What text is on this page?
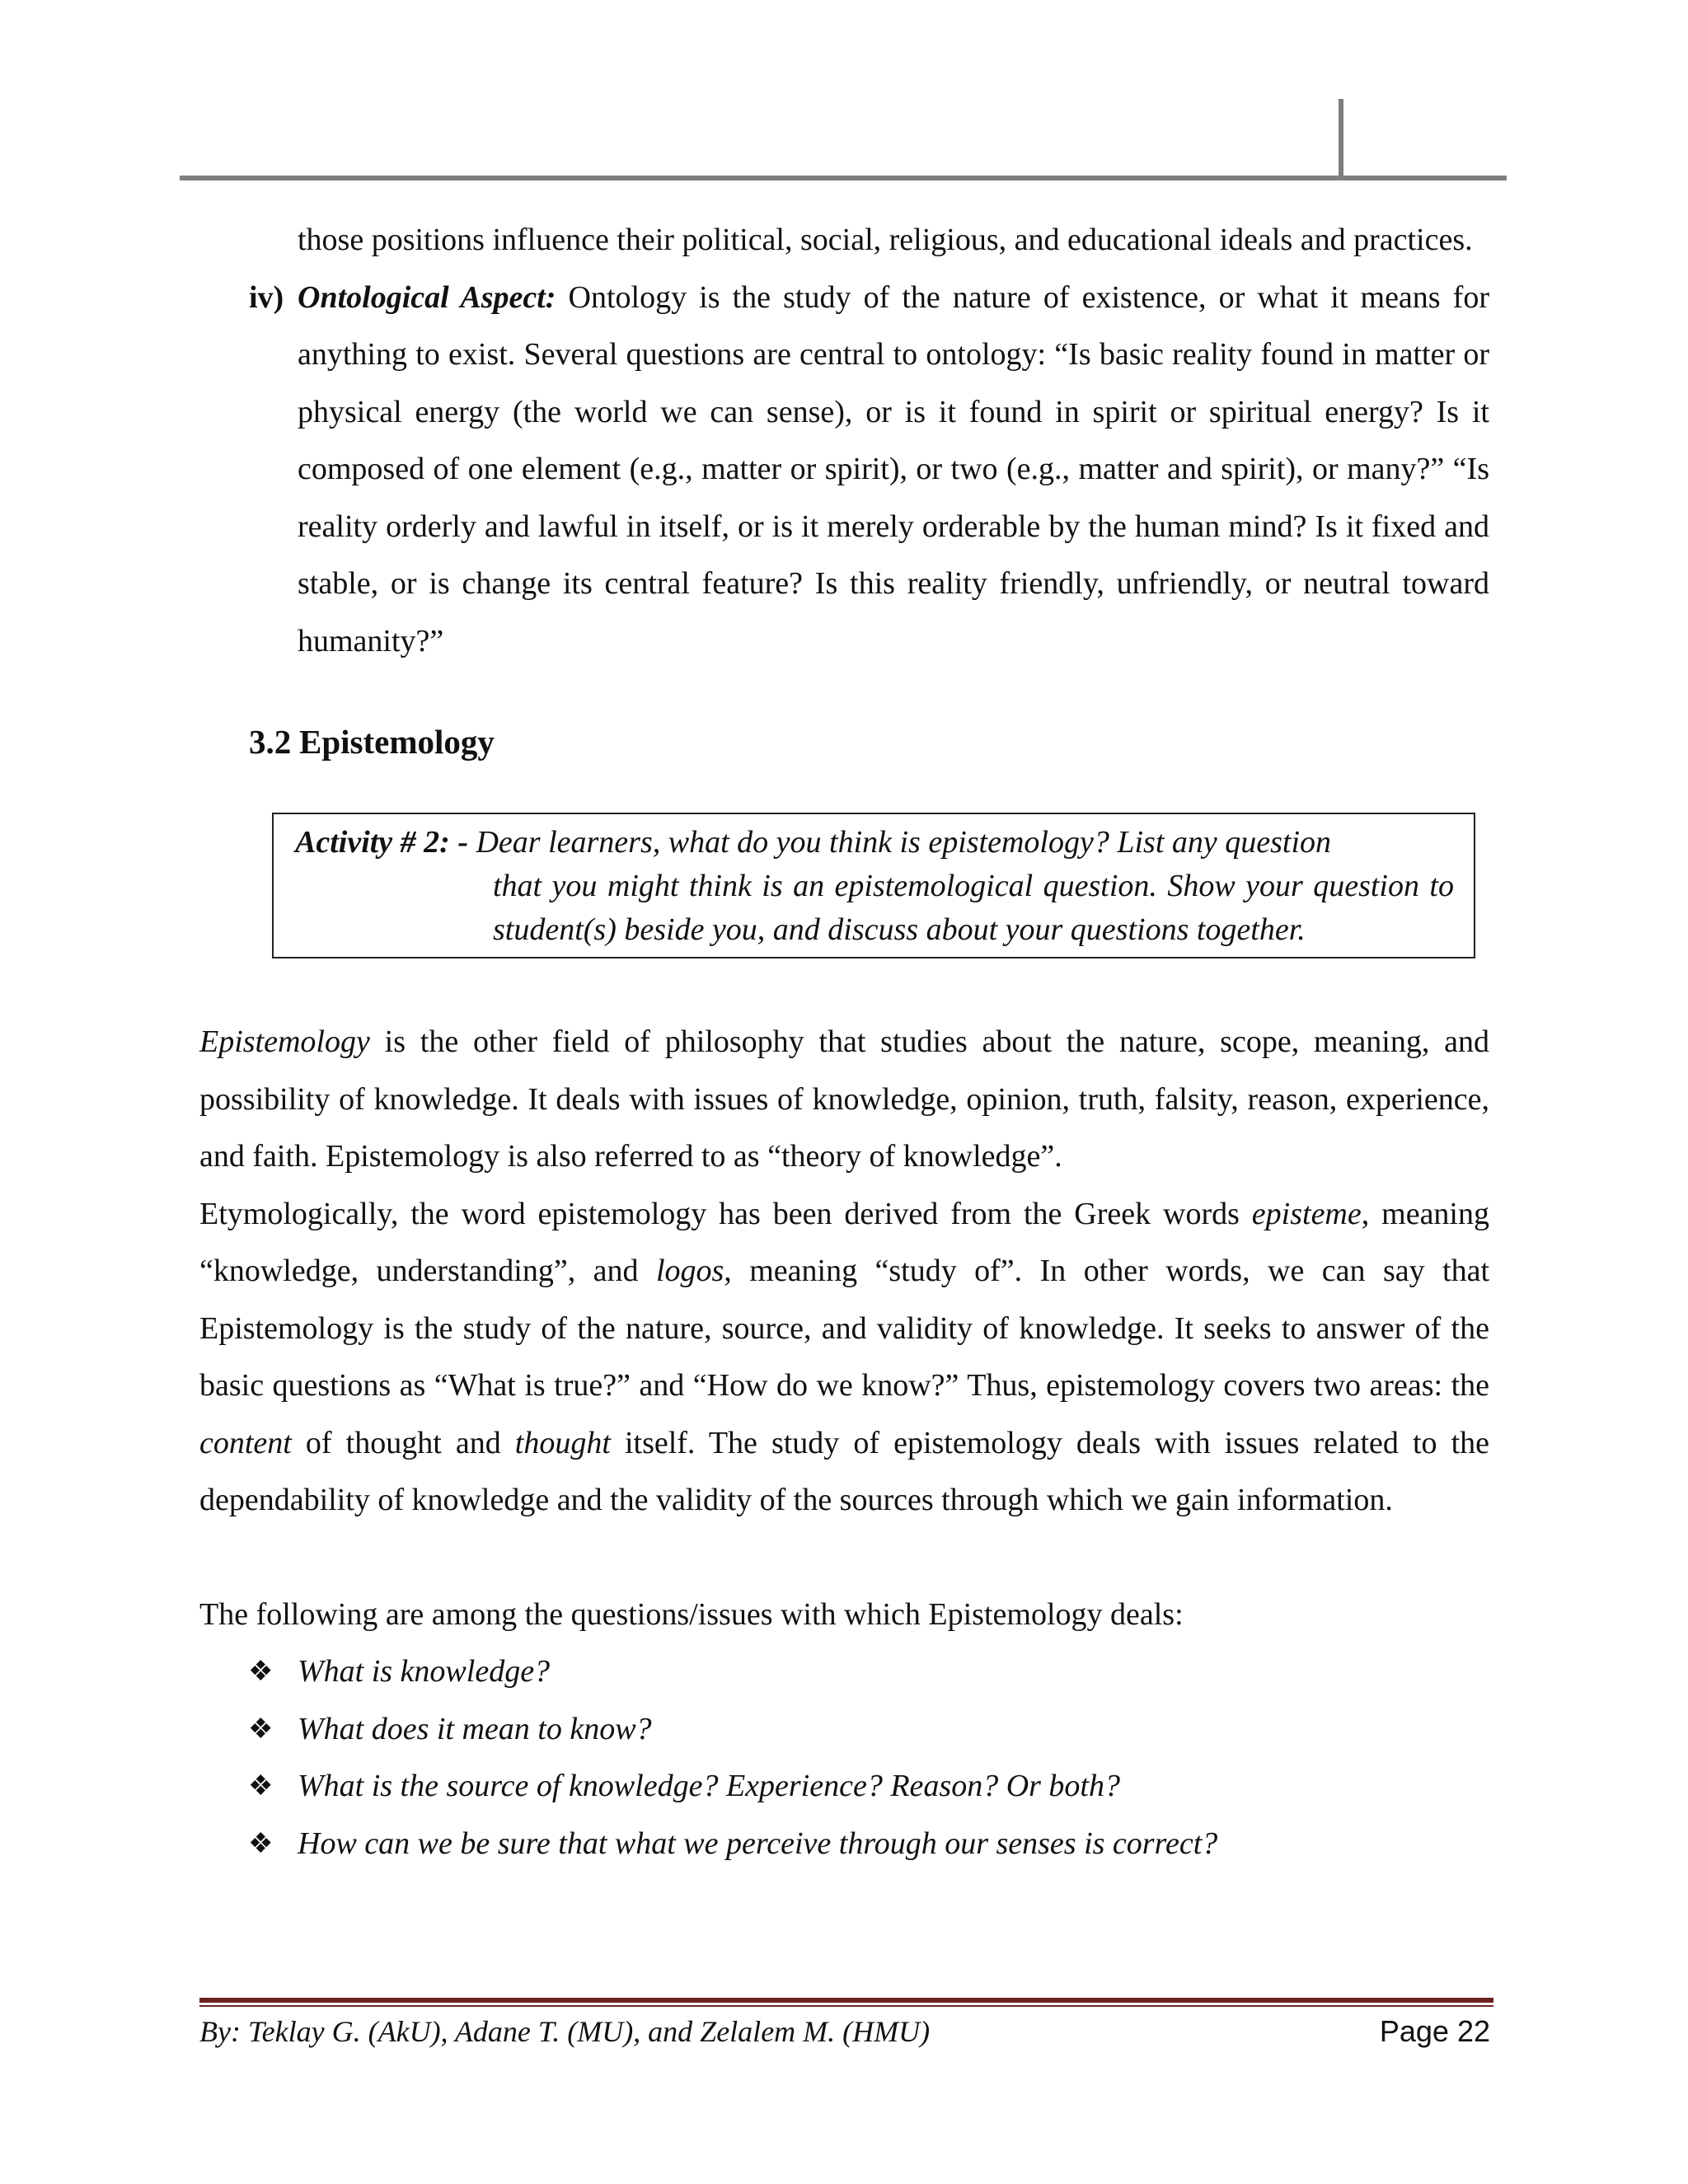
those positions influence their political, social, religious, and educational ideals and practices.

iv) Ontological Aspect: Ontology is the study of the nature of existence, or what it means for anything to exist. Several questions are central to ontology: “Is basic reality found in matter or physical energy (the world we can sense), or is it found in spirit or spiritual energy? Is it composed of one element (e.g., matter or spirit), or two (e.g., matter and spirit), or many?” “Is reality orderly and lawful in itself, or is it merely orderable by the human mind? Is it fixed and stable, or is change its central feature? Is this reality friendly, unfriendly, or neutral toward humanity?”

3.2 Epistemology
Activity # 2: - Dear learners, what do you think is epistemology? List any question
that you might think is an epistemological question. Show your question to student(s) beside you, and discuss about your questions together.

Epistemology is the other field of philosophy that studies about the nature, scope, meaning, and possibility of knowledge. It deals with issues of knowledge, opinion, truth, falsity, reason, experience, and faith. Epistemology is also referred to as “theory of knowledge”.

Etymologically, the word epistemology has been derived from the Greek words episteme, meaning “knowledge, understanding”, and logos, meaning “study of”. In other words, we can say that Epistemology is the study of the nature, source, and validity of knowledge. It seeks to answer of the basic questions as “What is true?” and “How do we know?” Thus, epistemology covers two areas: the content of thought and thought itself. The study of epistemology deals with issues related to the dependability of knowledge and the validity of the sources through which we gain information.

The following are among the questions/issues with which Epistemology deals:

❖ What is knowledge?
❖ What does it mean to know?
❖ What is the source of knowledge? Experience? Reason? Or both?
❖ How can we be sure that what we perceive through our senses is correct?
By: Teklay G. (AkU), Adane T. (MU), and Zelalem M. (HMU)	Page 22
